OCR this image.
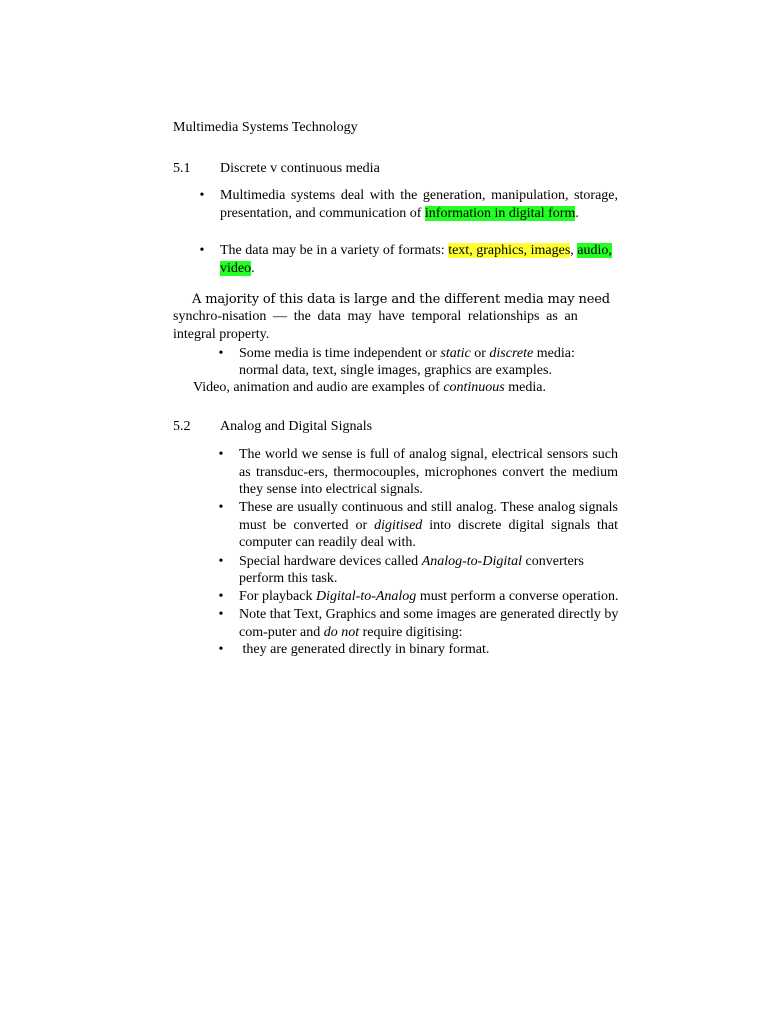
Multimedia Systems Technology

5.1 Discrete v continuous media

• Multimedia systems deal with the generation, manipulation, storage, presentation, and communication of information in digital form.

• The data may be in a variety of formats: text, graphics, images, audio, video.

A majority of this data is large and the different media may need

synchro-nisation — the data may have temporal relationships as an

integral property.

• Some media is time independent or static or discrete media:

normal data, text, single images, graphics are examples.

Video, animation and audio are examples of continuous media.

5.2 Analog and Digital Signals

• The world we sense is full of analog signal, electrical sensors such as transduc-ers, thermocouples, microphones convert the medium they sense into electrical signals.

• These are usually continuous and still analog. These analog signals must be converted or digitised into discrete digital signals that computer can readily deal with.

• Special hardware devices called Analog-to-Digital converters

perform this task.

• For playback Digital-to-Analog must perform a converse operation.

• Note that Text, Graphics and some images are generated directly by

com-puter and do not require digitising:

• they are generated directly in binary format.
